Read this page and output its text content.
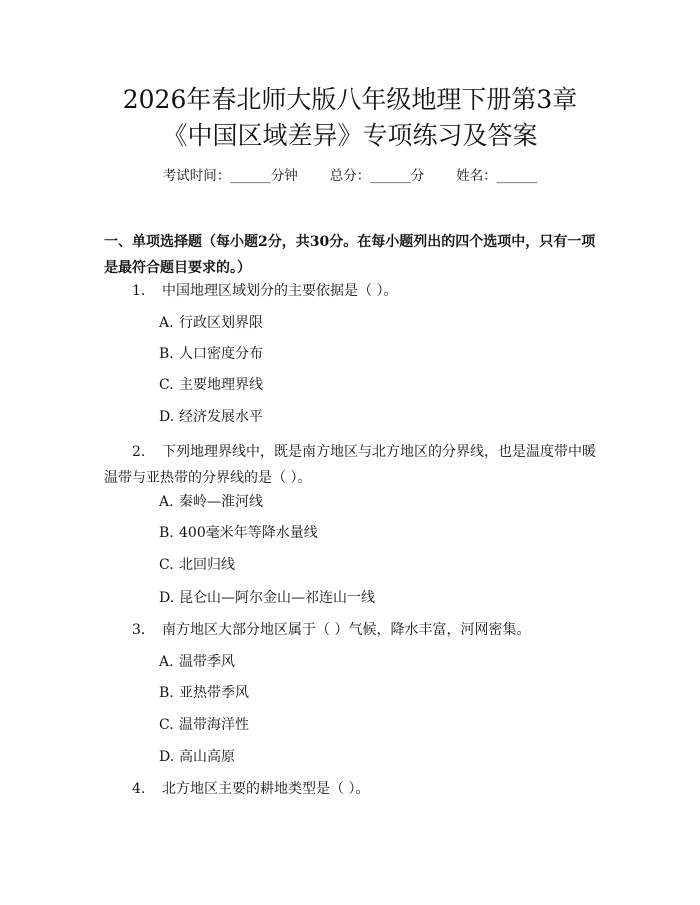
2026年春北师大版八年级地理下册第3章
《中国区域差异》专项练习及答案
考试时间：______分钟 总分：______分 姓名：______
一、单项选择题（每小题2分，共30分。在每小题列出的四个选项中，只有一项是最符合题目要求的。）
1. 中国地理区域划分的主要依据是（ ）。
A. 行政区划界限
B. 人口密度分布
C. 主要地理界线
D. 经济发展水平
2. 下列地理界线中，既是南方地区与北方地区的分界线，也是温度带中暖温带与亚热带的分界线的是（ ）。
A. 秦岭—淮河线
B. 400毫米年等降水量线
C. 北回归线
D. 昆仑山—阿尔金山—祁连山一线
3. 南方地区大部分地区属于（ ）气候，降水丰富，河网密集。
A. 温带季风
B. 亚热带季风
C. 温带海洋性
D. 高山高原
4. 北方地区主要的耕地类型是（ ）。
